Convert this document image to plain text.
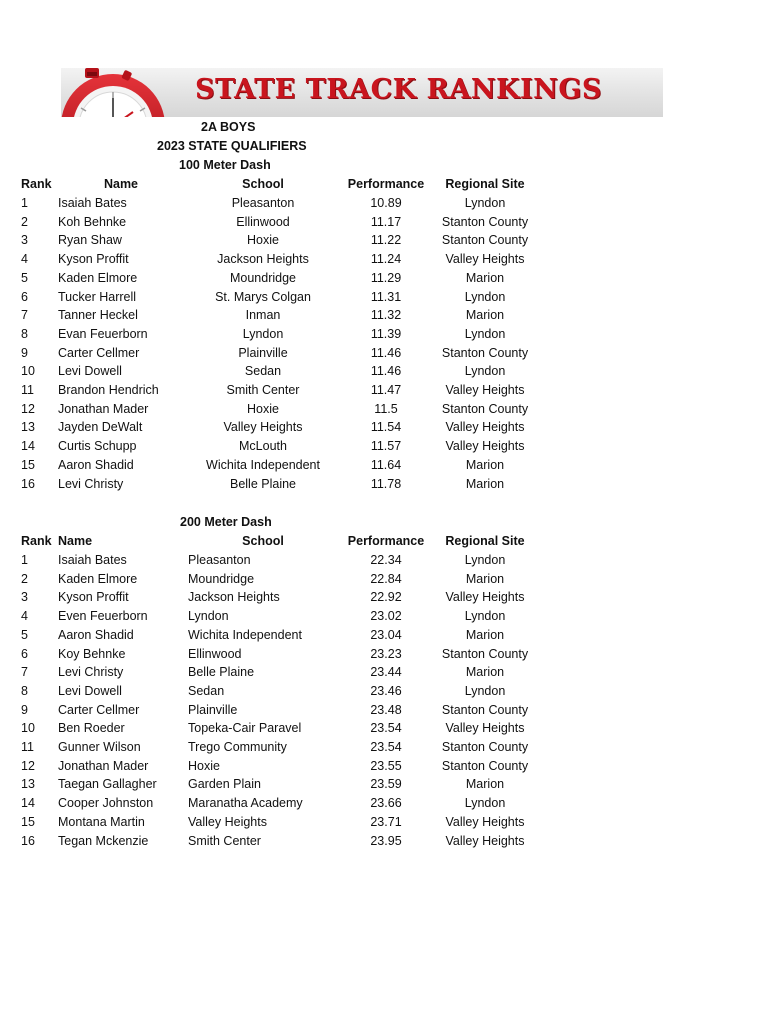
STATE TRACK RANKINGS
2A BOYS
2023 STATE QUALIFIERS
100 Meter Dash
Rank	Name	School	Performance	Regional Site
1 Isaiah Bates	Pleasanton	10.89	Lyndon
2 Koh Behnke	Ellinwood	11.17	Stanton County
3 Ryan Shaw	Hoxie	11.22	Stanton County
4 Kyson Proffit	Jackson Heights	11.24	Valley Heights
5 Kaden Elmore	Moundridge	11.29	Marion
6 Tucker Harrell	St. Marys Colgan	11.31	Lyndon
7 Tanner Heckel	Inman	11.32	Marion
8 Evan Feuerborn	Lyndon	11.39	Lyndon
9 Carter Cellmer	Plainville	11.46	Stanton County
10 Levi Dowell	Sedan	11.46	Lyndon
11 Brandon Hendrich	Smith Center	11.47	Valley Heights
12 Jonathan Mader	Hoxie	11.5	Stanton County
13 Jayden DeWalt	Valley Heights	11.54	Valley Heights
14 Curtis Schupp	McLouth	11.57	Valley Heights
15 Aaron Shadid	Wichita Independent	11.64	Marion
16 Levi Christy	Belle Plaine	11.78	Marion
200 Meter Dash
Rank Name	School	Performance	Regional Site
1 Isaiah Bates	Pleasanton	22.34	Lyndon
2 Kaden Elmore	Moundridge	22.84	Marion
3 Kyson Proffit	Jackson Heights	22.92	Valley Heights
4 Even Feuerborn	Lyndon	23.02	Lyndon
5 Aaron Shadid	Wichita Independent	23.04	Marion
6 Koy Behnke	Ellinwood	23.23	Stanton County
7 Levi Christy	Belle Plaine	23.44	Marion
8 Levi Dowell	Sedan	23.46	Lyndon
9 Carter Cellmer	Plainville	23.48	Stanton County
10 Ben Roeder	Topeka-Cair Paravel	23.54	Valley Heights
11 Gunner Wilson	Trego Community	23.54	Stanton County
12 Jonathan Mader	Hoxie	23.55	Stanton County
13 Taegan Gallagher	Garden Plain	23.59	Marion
14 Cooper Johnston	Maranatha Academy	23.66	Lyndon
15 Montana Martin	Valley Heights	23.71	Valley Heights
16 Tegan Mckenzie	Smith Center	23.95	Valley Heights
